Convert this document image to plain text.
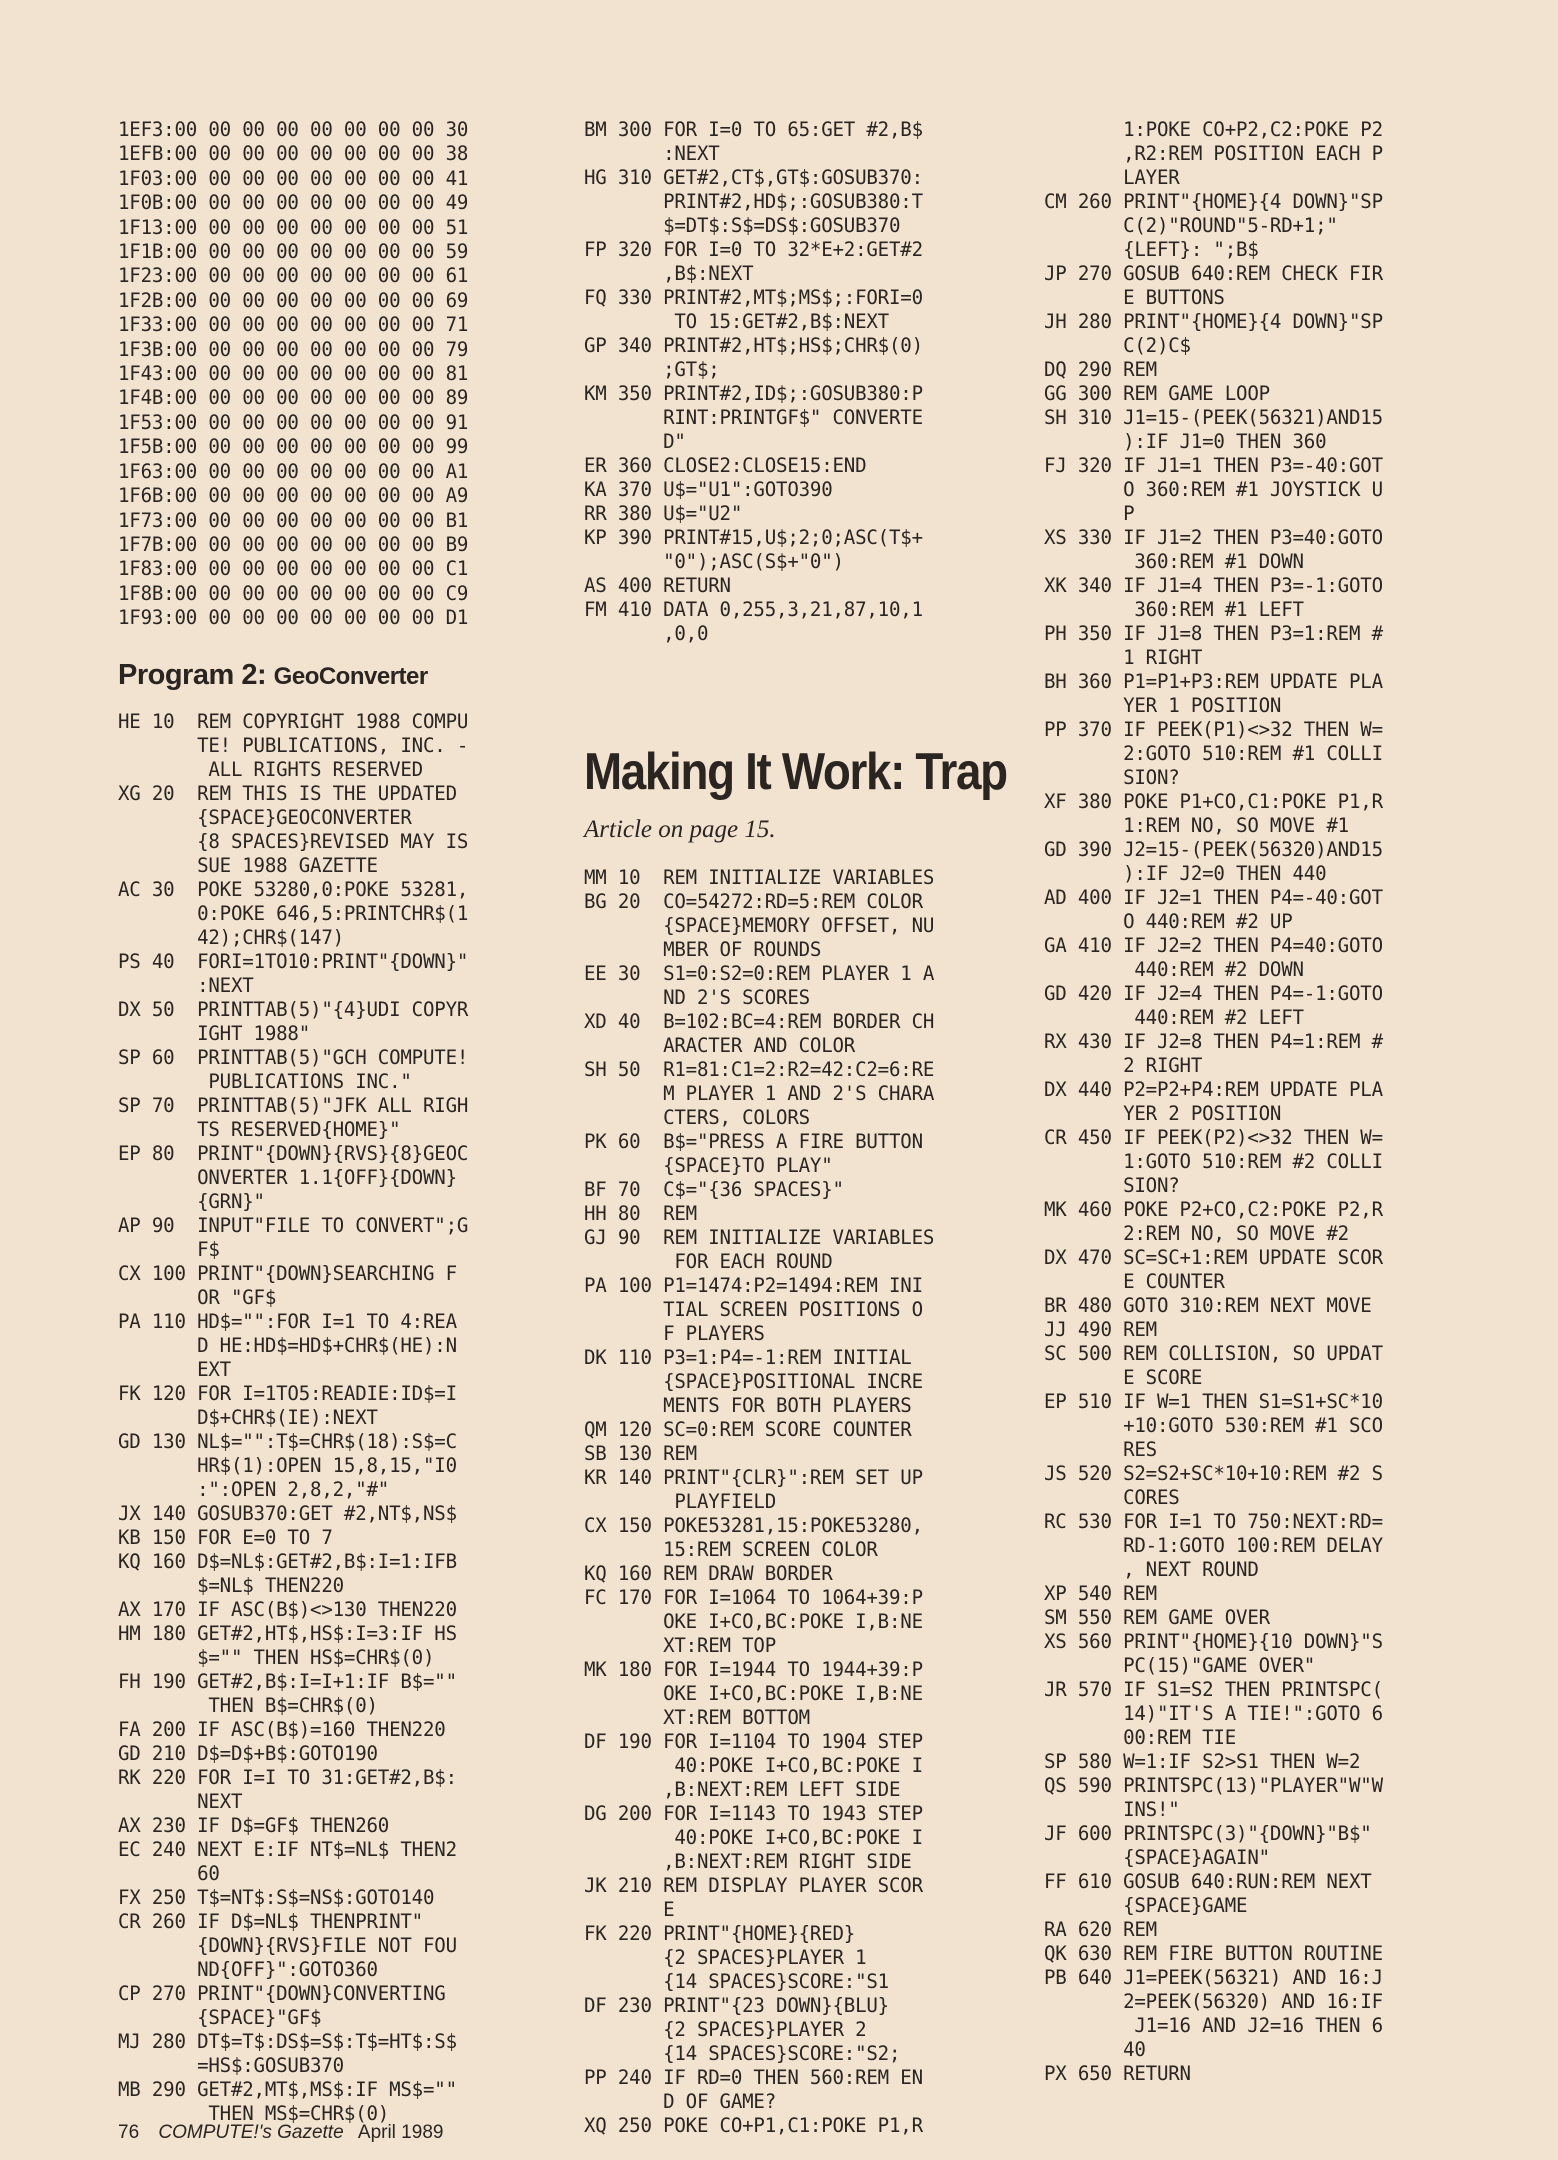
1EF3:00 00 00 00 00 00 00 00 30
1EFB:00 00 00 00 00 00 00 00 38
1F03:00 00 00 00 00 00 00 00 41
1F0B:00 00 00 00 00 00 00 00 49
1F13:00 00 00 00 00 00 00 00 51
1F1B:00 00 00 00 00 00 00 00 59
1F23:00 00 00 00 00 00 00 00 61
1F2B:00 00 00 00 00 00 00 00 69
1F33:00 00 00 00 00 00 00 00 71
1F3B:00 00 00 00 00 00 00 00 79
1F43:00 00 00 00 00 00 00 00 81
1F4B:00 00 00 00 00 00 00 00 89
1F53:00 00 00 00 00 00 00 00 91
1F5B:00 00 00 00 00 00 00 00 99
1F63:00 00 00 00 00 00 00 00 A1
1F6B:00 00 00 00 00 00 00 00 A9
1F73:00 00 00 00 00 00 00 00 B1
1F7B:00 00 00 00 00 00 00 00 B9
1F83:00 00 00 00 00 00 00 00 C1
1F8B:00 00 00 00 00 00 00 00 C9
1F93:00 00 00 00 00 00 00 00 D1
Program 2: GeoConverter
HE 10  REM COPYRIGHT 1988 COMPU
TE! PUBLICATIONS, INC. -
ALL RIGHTS RESERVED
XG 20  REM THIS IS THE UPDATED
{SPACE}GEOCONVERTER
{8 SPACES}REVISED MAY IS
SUE 1988 GAZETTE
AC 30  POKE 53280,0:POKE 53281,
0:POKE 646,5:PRINTCHR$(1
42);CHR$(147)
PS 40  FORI=1TO10:PRINT"{DOWN}"
:NEXT
DX 50  PRINTTAB(5)"{4}UDI COPYR
IGHT 1988"
SP 60  PRINTTAB(5)"GCH COMPUTE!
PUBLICATIONS INC."
SP 70  PRINTTAB(5)"JFK ALL RIGH
TS RESERVED{HOME}"
EP 80  PRINT"{DOWN}{RVS}{8}GEOC
ONVERTER 1.1{OFF}{DOWN}
{GRN}"
AP 90  INPUT"FILE TO CONVERT";G
F$
CX 100 PRINT"{DOWN}SEARCHING F
OR "GF$
PA 110 HD$="":FOR I=1 TO 4:REA
D HE:HD$=HD$+CHR$(HE):N
EXT
FK 120 FOR I=1TO5:READIE:ID$=I
D$+CHR$(IE):NEXT
GD 130 NL$="":T$=CHR$(18):S$=C
HR$(1):OPEN 15,8,15,"I0
:":OPEN 2,8,2,"#"
JX 140 GOSUB370:GET #2,NT$,NS$
KB 150 FOR E=0 TO 7
KQ 160 D$=NL$:GET#2,B$:I=1:IFB
$=NL$ THEN220
AX 170 IF ASC(B$)<>130 THEN220
HM 180 GET#2,HT$,HS$:I=3:IF HS
$="" THEN HS$=CHR$(0)
FH 190 GET#2,B$:I=I+1:IF B$=""
THEN B$=CHR$(0)
FA 200 IF ASC(B$)=160 THEN220
GD 210 D$=D$+B$:GOTO190
RK 220 FOR I=I TO 31:GET#2,B$:
NEXT
AX 230 IF D$=GF$ THEN260
EC 240 NEXT E:IF NT$=NL$ THEN2
60
FX 250 T$=NT$:S$=NS$:GOTO140
CR 260 IF D$=NL$ THENPRINT"
{DOWN}{RVS}FILE NOT FOU
ND{OFF}":GOTO360
CP 270 PRINT"{DOWN}CONVERTING
{SPACE}"GF$
MJ 280 DT$=T$:DS$=S$:T$=HT$:S$
=HS$:GOSUB370
MB 290 GET#2,MT$,MS$:IF MS$=""
THEN MS$=CHR$(0)
BM 300 FOR I=0 TO 65:GET #2,B$
:NEXT
HG 310 GET#2,CT$,GT$:GOSUB370:
PRINT#2,HD$;:GOSUB380:T
$=DT$:S$=DS$:GOSUB370
FP 320 FOR I=0 TO 32*E+2:GET#2
,B$:NEXT
FQ 330 PRINT#2,MT$;MS$;:FORI=0
TO 15:GET#2,B$:NEXT
GP 340 PRINT#2,HT$;HS$;CHR$(0)
;GT$;
KM 350 PRINT#2,ID$;:GOSUB380:P
RINT:PRINTGF$" CONVERTE
D"
ER 360 CLOSE2:CLOSE15:END
KA 370 U$="U1":GOTO390
RR 380 U$="U2"
KP 390 PRINT#15,U$;2;0;ASC(T$+
"0");ASC(S$+"0")
AS 400 RETURN
FM 410 DATA 0,255,3,21,87,10,1
,0,0
Making It Work: Trap
Article on page 15.
MM 10  REM INITIALIZE VARIABLES
BG 20  CO=54272:RD=5:REM COLOR
{SPACE}MEMORY OFFSET, NU
MBER OF ROUNDS
EE 30  S1=0:S2=0:REM PLAYER 1 A
ND 2'S SCORES
XD 40  B=102:BC=4:REM BORDER CH
ARACTER AND COLOR
SH 50  R1=81:C1=2:R2=42:C2=6:RE
M PLAYER 1 AND 2'S CHARA
CTERS, COLORS
PK 60  B$="PRESS A FIRE BUTTON
{SPACE}TO PLAY"
BF 70  C$="{36 SPACES}"
HH 80  REM
GJ 90  REM INITIALIZE VARIABLES
FOR EACH ROUND
PA 100 P1=1474:P2=1494:REM INI
TIAL SCREEN POSITIONS O
F PLAYERS
DK 110 P3=1:P4=-1:REM INITIAL
{SPACE}POSITIONAL INCRE
MENTS FOR BOTH PLAYERS
QM 120 SC=0:REM SCORE COUNTER
SB 130 REM
KR 140 PRINT"{CLR}":REM SET UP
PLAYFIELD
CX 150 POKE53281,15:POKE53280,
15:REM SCREEN COLOR
KQ 160 REM DRAW BORDER
FC 170 FOR I=1064 TO 1064+39:P
OKE I+CO,BC:POKE I,B:NE
XT:REM TOP
MK 180 FOR I=1944 TO 1944+39:P
OKE I+CO,BC:POKE I,B:NE
XT:REM BOTTOM
DF 190 FOR I=1104 TO 1904 STEP
40:POKE I+CO,BC:POKE I
,B:NEXT:REM LEFT SIDE
DG 200 FOR I=1143 TO 1943 STEP
40:POKE I+CO,BC:POKE I
,B:NEXT:REM RIGHT SIDE
JK 210 REM DISPLAY PLAYER SCOR
E
FK 220 PRINT"{HOME}{RED}
{2 SPACES}PLAYER 1
{14 SPACES}SCORE:"S1
DF 230 PRINT"{23 DOWN}{BLU}
{2 SPACES}PLAYER 2
{14 SPACES}SCORE:"S2;
PP 240 IF RD=0 THEN 560:REM EN
D OF GAME?
XQ 250 POKE CO+P1,C1:POKE P1,R
1:POKE CO+P2,C2:POKE P2
,R2:REM POSITION EACH P
LAYER
CM 260 PRINT"{HOME}{4 DOWN}"SP
C(2)"ROUND"5-RD+1;"
{LEFT}: ";B$
JP 270 GOSUB 640:REM CHECK FIR
E BUTTONS
JH 280 PRINT"{HOME}{4 DOWN}"SP
C(2)C$
DQ 290 REM
GG 300 REM GAME LOOP
SH 310 J1=15-(PEEK(56321)AND15
):IF J1=0 THEN 360
FJ 320 IF J1=1 THEN P3=-40:GOT
O 360:REM #1 JOYSTICK U
P
XS 330 IF J1=2 THEN P3=40:GOTO
360:REM #1 DOWN
XK 340 IF J1=4 THEN P3=-1:GOTO
360:REM #1 LEFT
PH 350 IF J1=8 THEN P3=1:REM #
1 RIGHT
BH 360 P1=P1+P3:REM UPDATE PLA
YER 1 POSITION
PP 370 IF PEEK(P1)<>32 THEN W=
2:GOTO 510:REM #1 COLLI
SION?
XF 380 POKE P1+CO,C1:POKE P1,R
1:REM NO, SO MOVE #1
GD 390 J2=15-(PEEK(56320)AND15
):IF J2=0 THEN 440
AD 400 IF J2=1 THEN P4=-40:GOT
O 440:REM #2 UP
GA 410 IF J2=2 THEN P4=40:GOTO
440:REM #2 DOWN
GD 420 IF J2=4 THEN P4=-1:GOTO
440:REM #2 LEFT
RX 430 IF J2=8 THEN P4=1:REM #
2 RIGHT
DX 440 P2=P2+P4:REM UPDATE PLA
YER 2 POSITION
CR 450 IF PEEK(P2)<>32 THEN W=
1:GOTO 510:REM #2 COLLI
SION?
MK 460 POKE P2+CO,C2:POKE P2,R
2:REM NO, SO MOVE #2
DX 470 SC=SC+1:REM UPDATE SCOR
E COUNTER
BR 480 GOTO 310:REM NEXT MOVE
JJ 490 REM
SC 500 REM COLLISION, SO UPDAT
E SCORE
EP 510 IF W=1 THEN S1=S1+SC*10
+10:GOTO 530:REM #1 SCO
RES
JS 520 S2=S2+SC*10+10:REM #2 S
CORES
RC 530 FOR I=1 TO 750:NEXT:RD=
RD-1:GOTO 100:REM DELAY
, NEXT ROUND
XP 540 REM
SM 550 REM GAME OVER
XS 560 PRINT"{HOME}{10 DOWN}"S
PC(15)"GAME OVER"
JR 570 IF S1=S2 THEN PRINTSPC(
14)"IT'S A TIE!":GOTO 6
00:REM TIE
SP 580 W=1:IF S2>S1 THEN W=2
QS 590 PRINTSPC(13)"PLAYER"W"W
INS!"
JF 600 PRINTSPC(3)"{DOWN}"B$"
{SPACE}AGAIN"
FF 610 GOSUB 640:RUN:REM NEXT
{SPACE}GAME
RA 620 REM
QK 630 REM FIRE BUTTON ROUTINE
PB 640 J1=PEEK(56321) AND 16:J
2=PEEK(56320) AND 16:IF
J1=16 AND J2=16 THEN 6
40
PX 650 RETURN
76 COMPUTE!'s Gazette April 1989
